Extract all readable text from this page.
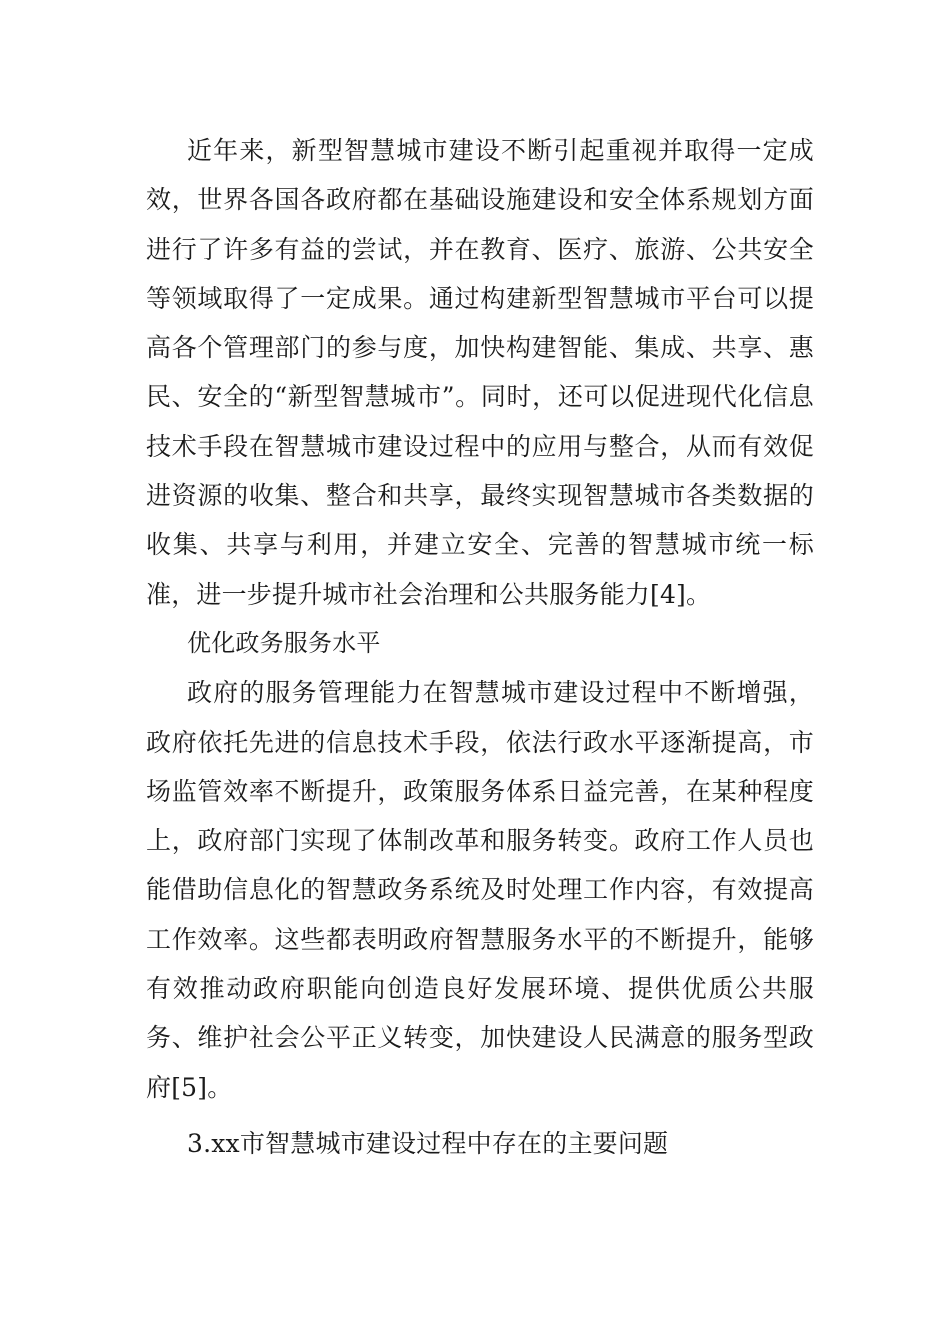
近年来，新型智慧城市建设不断引起重视并取得一定成效，世界各国各政府都在基础设施建设和安全体系规划方面进行了许多有益的尝试，并在教育、医疗、旅游、公共安全等领域取得了一定成果。通过构建新型智慧城市平台可以提高各个管理部门的参与度，加快构建智能、集成、共享、惠民、安全的“新型智慧城市”。同时，还可以促进现代化信息技术手段在智慧城市建设过程中的应用与整合，从而有效促进资源的收集、整合和共享，最终实现智慧城市各类数据的收集、共享与利用，并建立安全、完善的智慧城市统一标准，进一步提升城市社会治理和公共服务能力[4]。

优化政务服务水平

政府的服务管理能力在智慧城市建设过程中不断增强，政府依托先进的信息技术手段，依法行政水平逐渐提高，市场监管效率不断提升，政策服务体系日益完善，在某种程度上，政府部门实现了体制改革和服务转变。政府工作人员也能借助信息化的智慧政务系统及时处理工作内容，有效提高工作效率。这些都表明政府智慧服务水平的不断提升，能够有效推动政府职能向创造良好发展环境、提供优质公共服务、维护社会公平正义转变，加快建设人民满意的服务型政府[5]。

3.xx市智慧城市建设过程中存在的主要问题
